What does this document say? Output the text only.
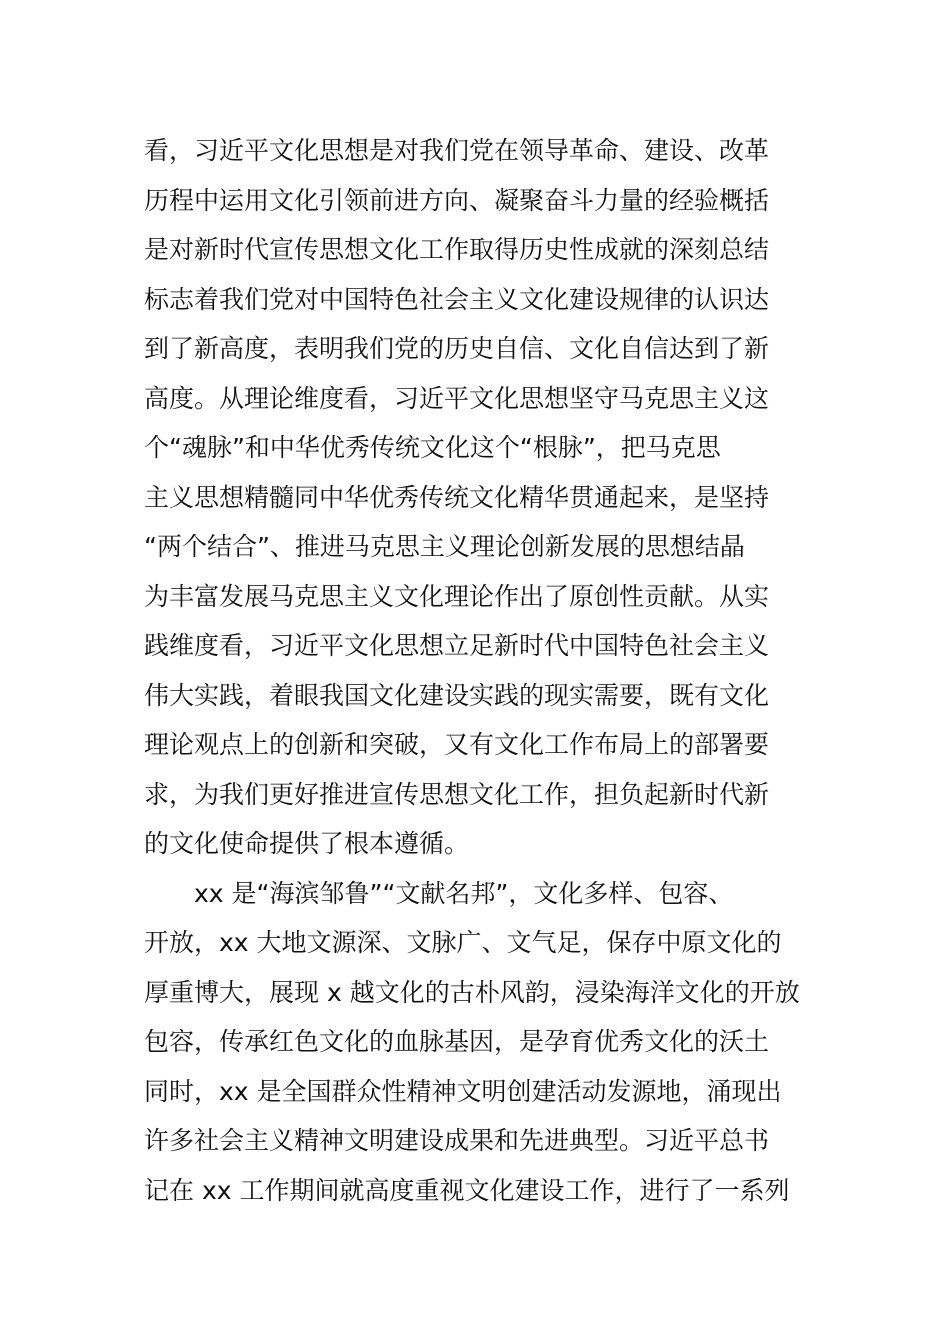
看，习近平文化思想是对我们党在领导革命、建设、改革
历程中运用文化引领前进方向、凝聚奋斗力量的经验概括
是对新时代宣传思想文化工作取得历史性成就的深刻总结
标志着我们党对中国特色社会主义文化建设规律的认识达
到了新高度，表明我们党的历史自信、文化自信达到了新
高度。从理论维度看，习近平文化思想坚守马克思主义这
个“魂脉”和中华优秀传统文化这个“根脉”，把马克思
主义思想精髓同中华优秀传统文化精华贯通起来，是坚持
“两个结合”、推进马克思主义理论创新发展的思想结晶
为丰富发展马克思主义文化理论作出了原创性贡献。从实
践维度看，习近平文化思想立足新时代中国特色社会主义
伟大实践，着眼我国文化建设实践的现实需要，既有文化
理论观点上的创新和突破，又有文化工作布局上的部署要
求，为我们更好推进宣传思想文化工作，担负起新时代新
的文化使命提供了根本遵循。
xx 是“海滨邹鲁”“文献名邦”，文化多样、包容、
开放，xx 大地文源深、文脉广、文气足，保存中原文化的
厚重博大，展现 x 越文化的古朴风韵，浸染海洋文化的开放
包容，传承红色文化的血脉基因，是孕育优秀文化的沃土
同时，xx 是全国群众性精神文明创建活动发源地，涌现出
许多社会主义精神文明建设成果和先进典型。习近平总书
记在 xx 工作期间就高度重视文化建设工作，进行了一系列
